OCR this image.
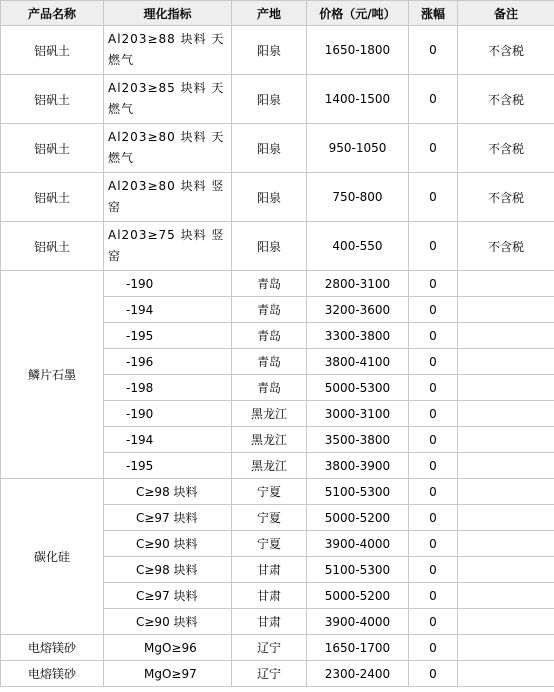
产品名称	理化指标	产地	价格（元/吨）	涨幅	备注
铝矾土	Al203≥88 块料 天燃气	阳泉	1650-1800	0	不含税
铝矾土	Al203≥85 块料 天燃气	阳泉	1400-1500	0	不含税
铝矾土	Al203≥80 块料 天燃气	阳泉	950-1050	0	不含税
铝矾土	Al203≥80 块料 竖窑	阳泉	750-800	0	不含税
铝矾土	Al203≥75 块料 竖窑	阳泉	400-550	0	不含税
鳞片石墨	-190	青岛	2800-3100	0	
	-194	青岛	3200-3600	0	
	-195	青岛	3300-3800	0	
	-196	青岛	3800-4100	0	
	-198	青岛	5000-5300	0	
	-190	黑龙江	3000-3100	0	
	-194	黑龙江	3500-3800	0	
	-195	黑龙江	3800-3900	0	
碳化硅	C≥98 块料	宁夏	5100-5300	0	
	C≥97 块料	宁夏	5000-5200	0	
	C≥90 块料	宁夏	3900-4000	0	
	C≥98 块料	甘肃	5100-5300	0	
	C≥97 块料	甘肃	5000-5200	0	
	C≥90 块料	甘肃	3900-4000	0	
电熔镁砂	MgO≥96	辽宁	1650-1700	0	
电熔镁砂	MgO≥97	辽宁	2300-2400	0	
